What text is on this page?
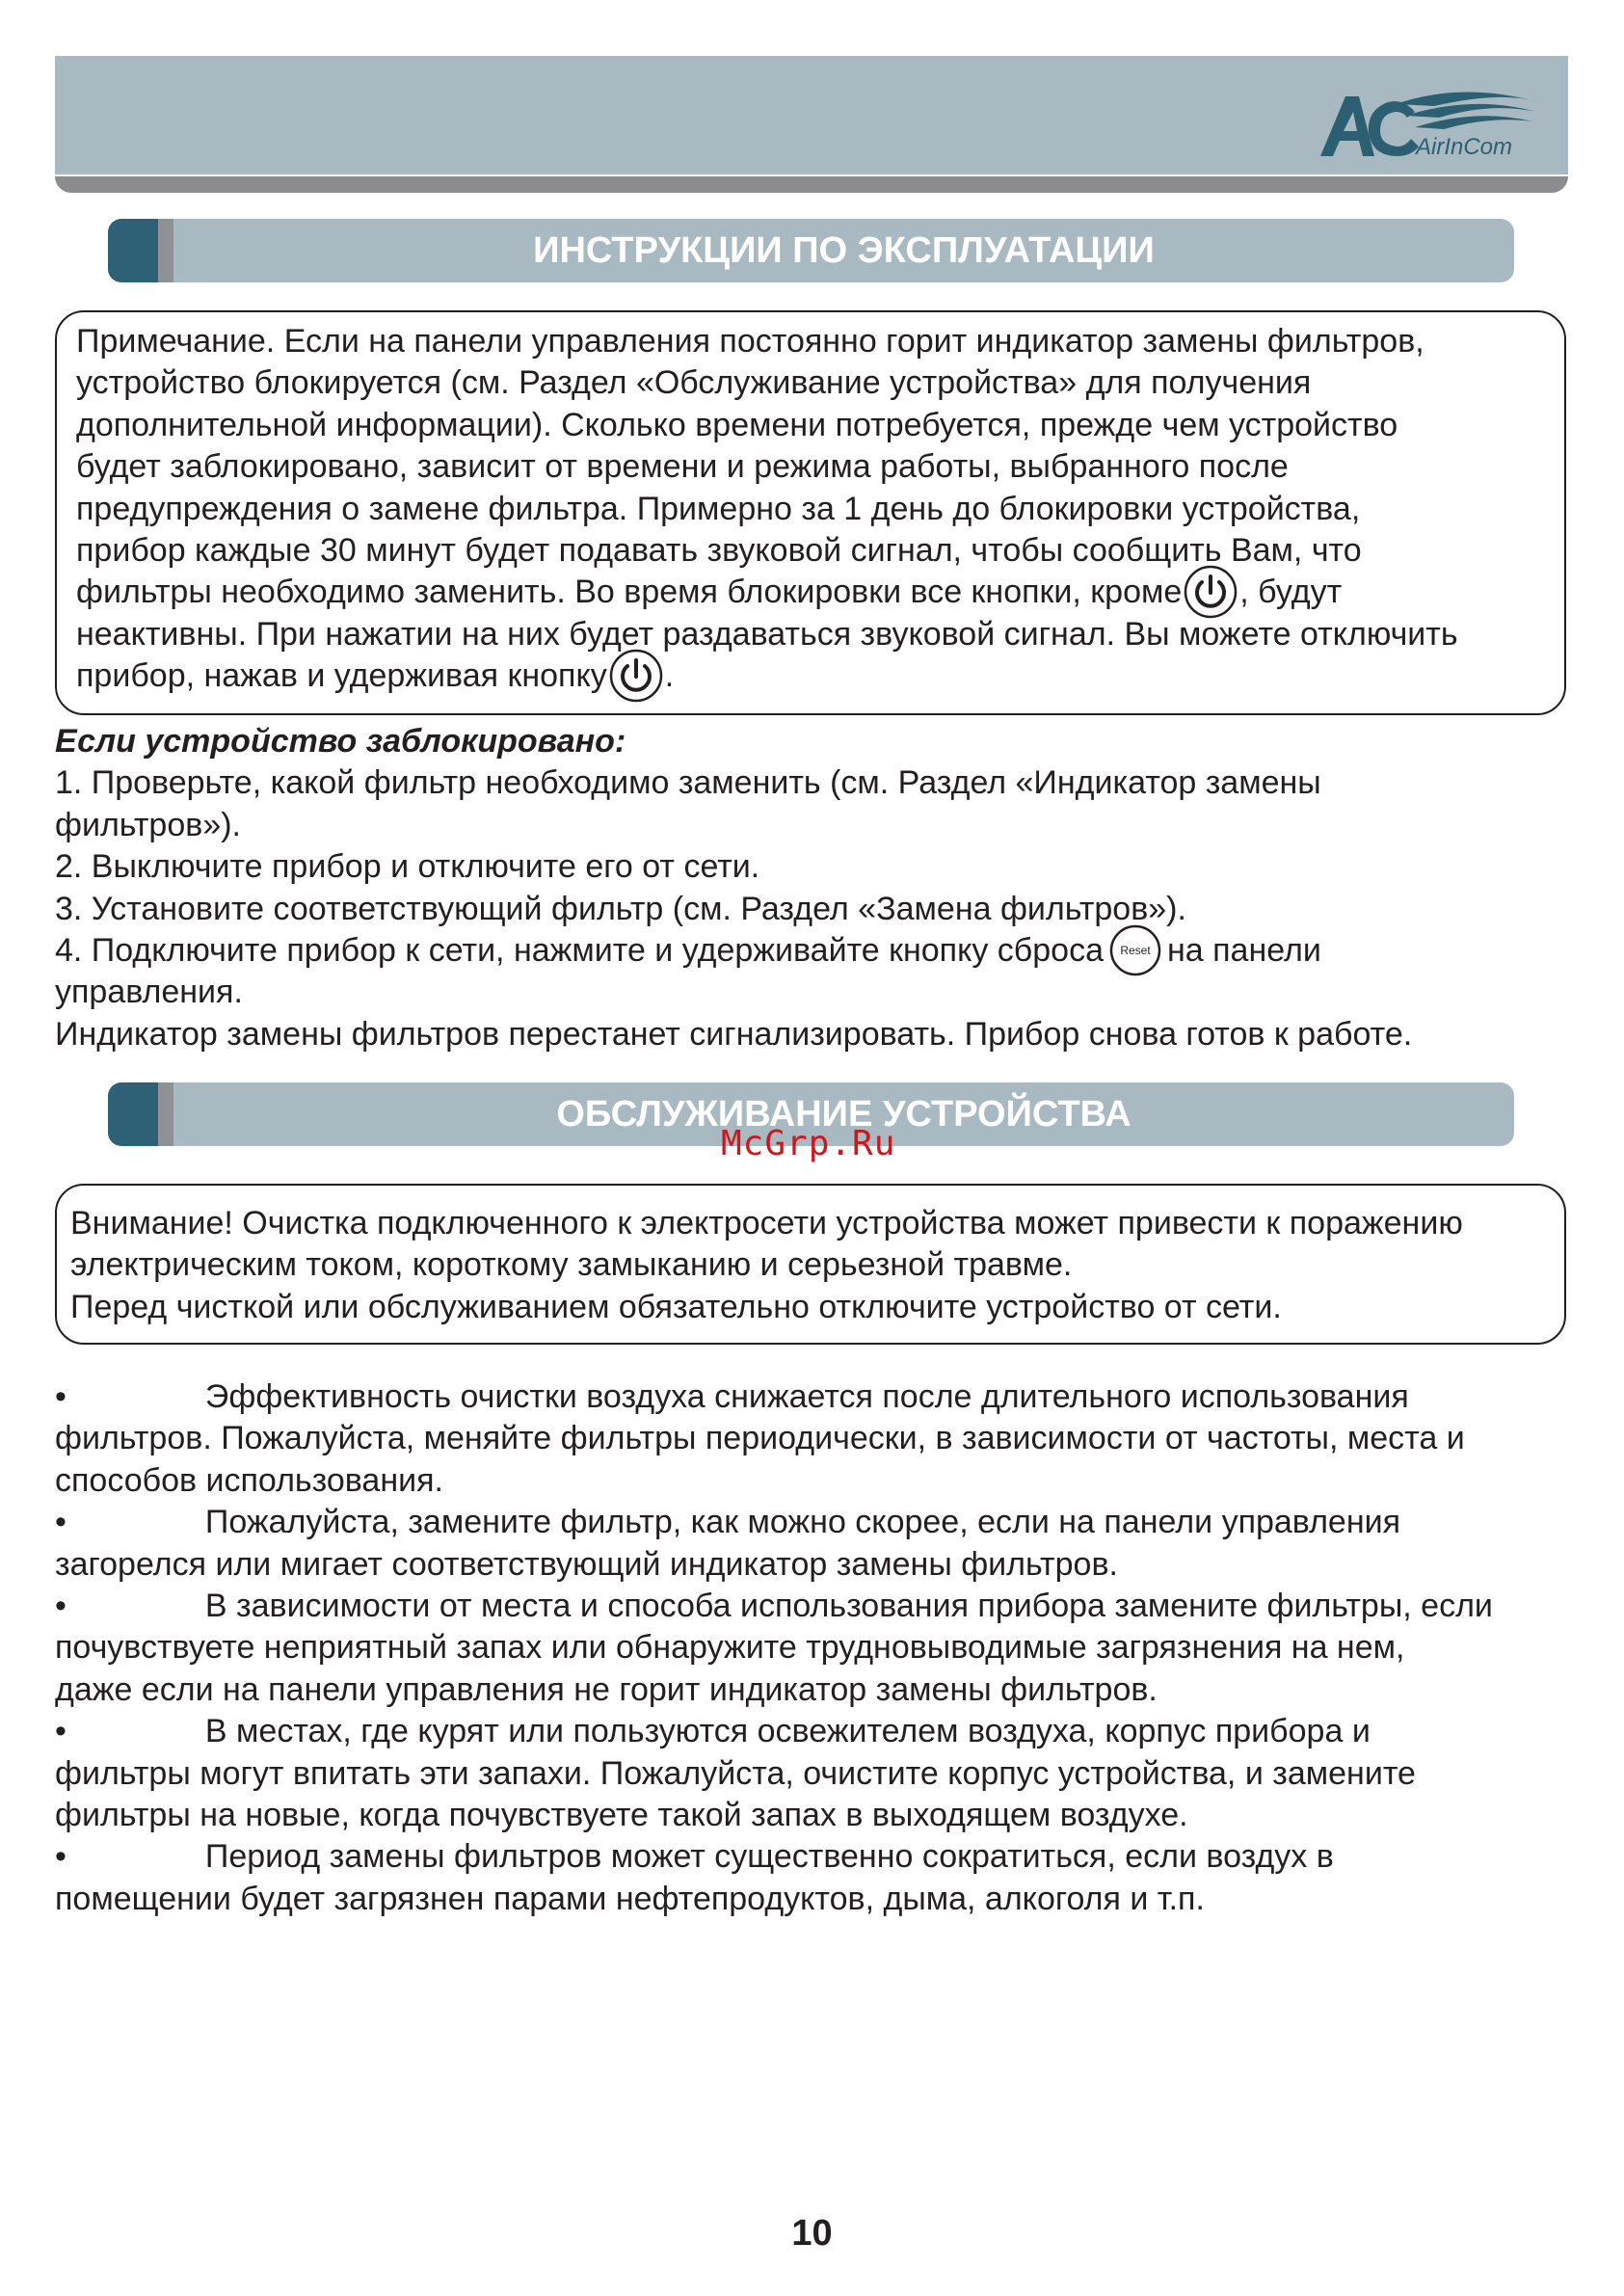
AirInCom
ИНСТРУКЦИИ ПО ЭКСПЛУАТАЦИИ
Примечание. Если на панели управления постоянно горит индикатор замены фильтров,
устройство блокируется (см. Раздел «Обслуживание устройства» для получения
дополнительной информации). Сколько времени потребуется, прежде чем устройство
будет заблокировано, зависит от времени и режима работы, выбранного после
предупреждения о замене фильтра. Примерно за 1 день до блокировки устройства,
прибор каждые 30 минут будет подавать звуковой сигнал, чтобы сообщить Вам, что
фильтры необходимо заменить. Во время блокировки все кнопки, кроме , будут
неактивны. При нажатии на них будет раздаваться звуковой сигнал. Вы можете отключить
прибор, нажав и удерживая кнопку .
Если устройство заблокировано:
1. Проверьте, какой фильтр необходимо заменить (см. Раздел «Индикатор замены
фильтров»).
2. Выключите прибор и отключите его от сети.
3. Установите соответствующий фильтр (см. Раздел «Замена фильтров»).
4. Подключите прибор к сети, нажмите и удерживайте кнопку сброса Reset на панели
управления.
Индикатор замены фильтров перестанет сигнализировать. Прибор снова готов к работе.
ОБСЛУЖИВАНИЕ УСТРОЙСТВА
McGrp.Ru
Внимание! Очистка подключенного к электросети устройства может привести к поражению
электрическим током, короткому замыканию и серьезной травме.
Перед чисткой или обслуживанием обязательно отключите устройство от сети.
•	Эффективность очистки воздуха снижается после длительного использования
фильтров. Пожалуйста, меняйте фильтры периодически, в зависимости от частоты, места и
способов использования.
•	Пожалуйста, замените фильтр, как можно скорее, если на панели управления
загорелся или мигает соответствующий индикатор замены фильтров.
•	В зависимости от места и способа использования прибора замените фильтры, если
почувствуете неприятный запах или обнаружите трудновыводимые загрязнения на нем,
даже если на панели управления не горит индикатор замены фильтров.
•	В местах, где курят или пользуются освежителем воздуха, корпус прибора и
фильтры могут впитать эти запахи. Пожалуйста, очистите корпус устройства, и замените
фильтры на новые, когда почувствуете такой запах в выходящем воздухе.
•	Период замены фильтров может существенно сократиться, если воздух в
помещении будет загрязнен парами нефтепродуктов, дыма, алкоголя и т.п.
10
